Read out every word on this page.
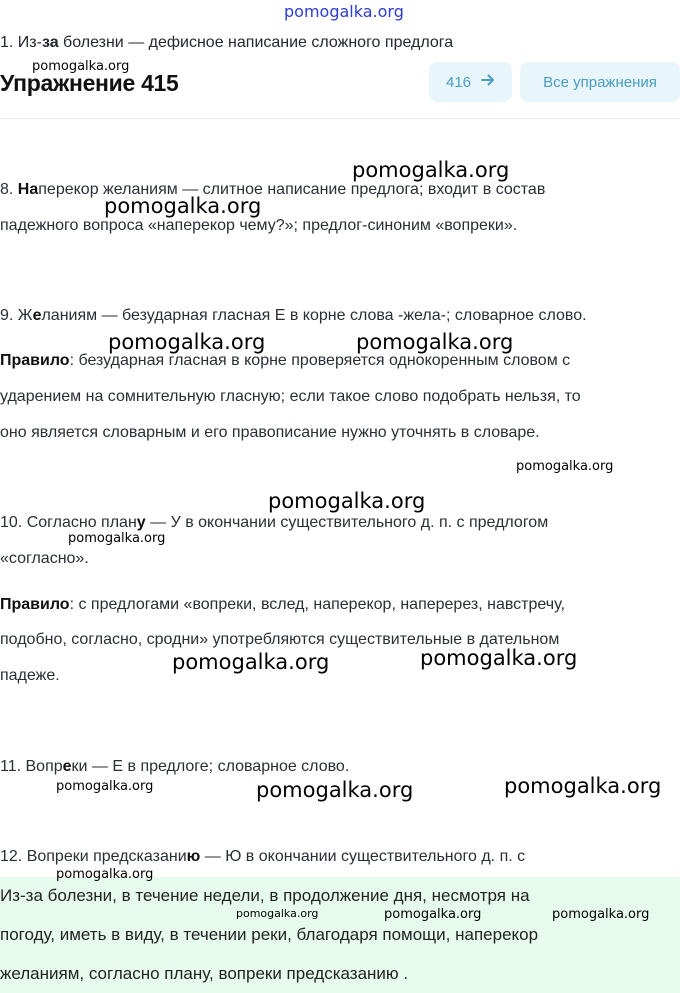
pomogalka.org
1. Из-за болезни — дефисное написание сложного предлога
Упражнение 415	416	Все упражнения
pomogalka.org
8. Наперекор желаниям — слитное написание предлога; входит в состав
падежного вопроса «наперекор чему?»; предлог-синоним «вопреки».
9. Желаниям — безударная гласная Е в корне слова -жела-; словарное слово.
Правило: безударная гласная в корне проверяется однокоренным словом с
ударением на сомнительную гласную; если такое слово подобрать нельзя, то
оно является словарным и его правописание нужно уточнять в словаре.
10. Согласно плану — У в окончании существительного д. п. с предлогом
«согласно».
Правило: с предлогами «вопреки, вслед, наперекор, наперерез, навстречу,
подобно, согласно, сродни» употребляются существительные в дательном
падеже.
11. Вопреки — Е в предлоге; словарное слово.
12. Вопреки предсказанию — Ю в окончании существительного д. п. с
Из-за болезни, в течение недели, в продолжение дня, несмотря на
погоду, иметь в виду, в течении реки, благодаря помощи, наперекор
желаниям, согласно плану, вопреки предсказанию .
pomogalka.org
pomogalka.org
pomogalka.org	pomogalka.org
pomogalka.org
pomogalka.org
pomogalka.org
pomogalka.org	pomogalka.org
pomogalka.org	pomogalka.org	pomogalka.org
pomogalka.org
pomogalka.org	pomogalka.org	pomogalka.org
